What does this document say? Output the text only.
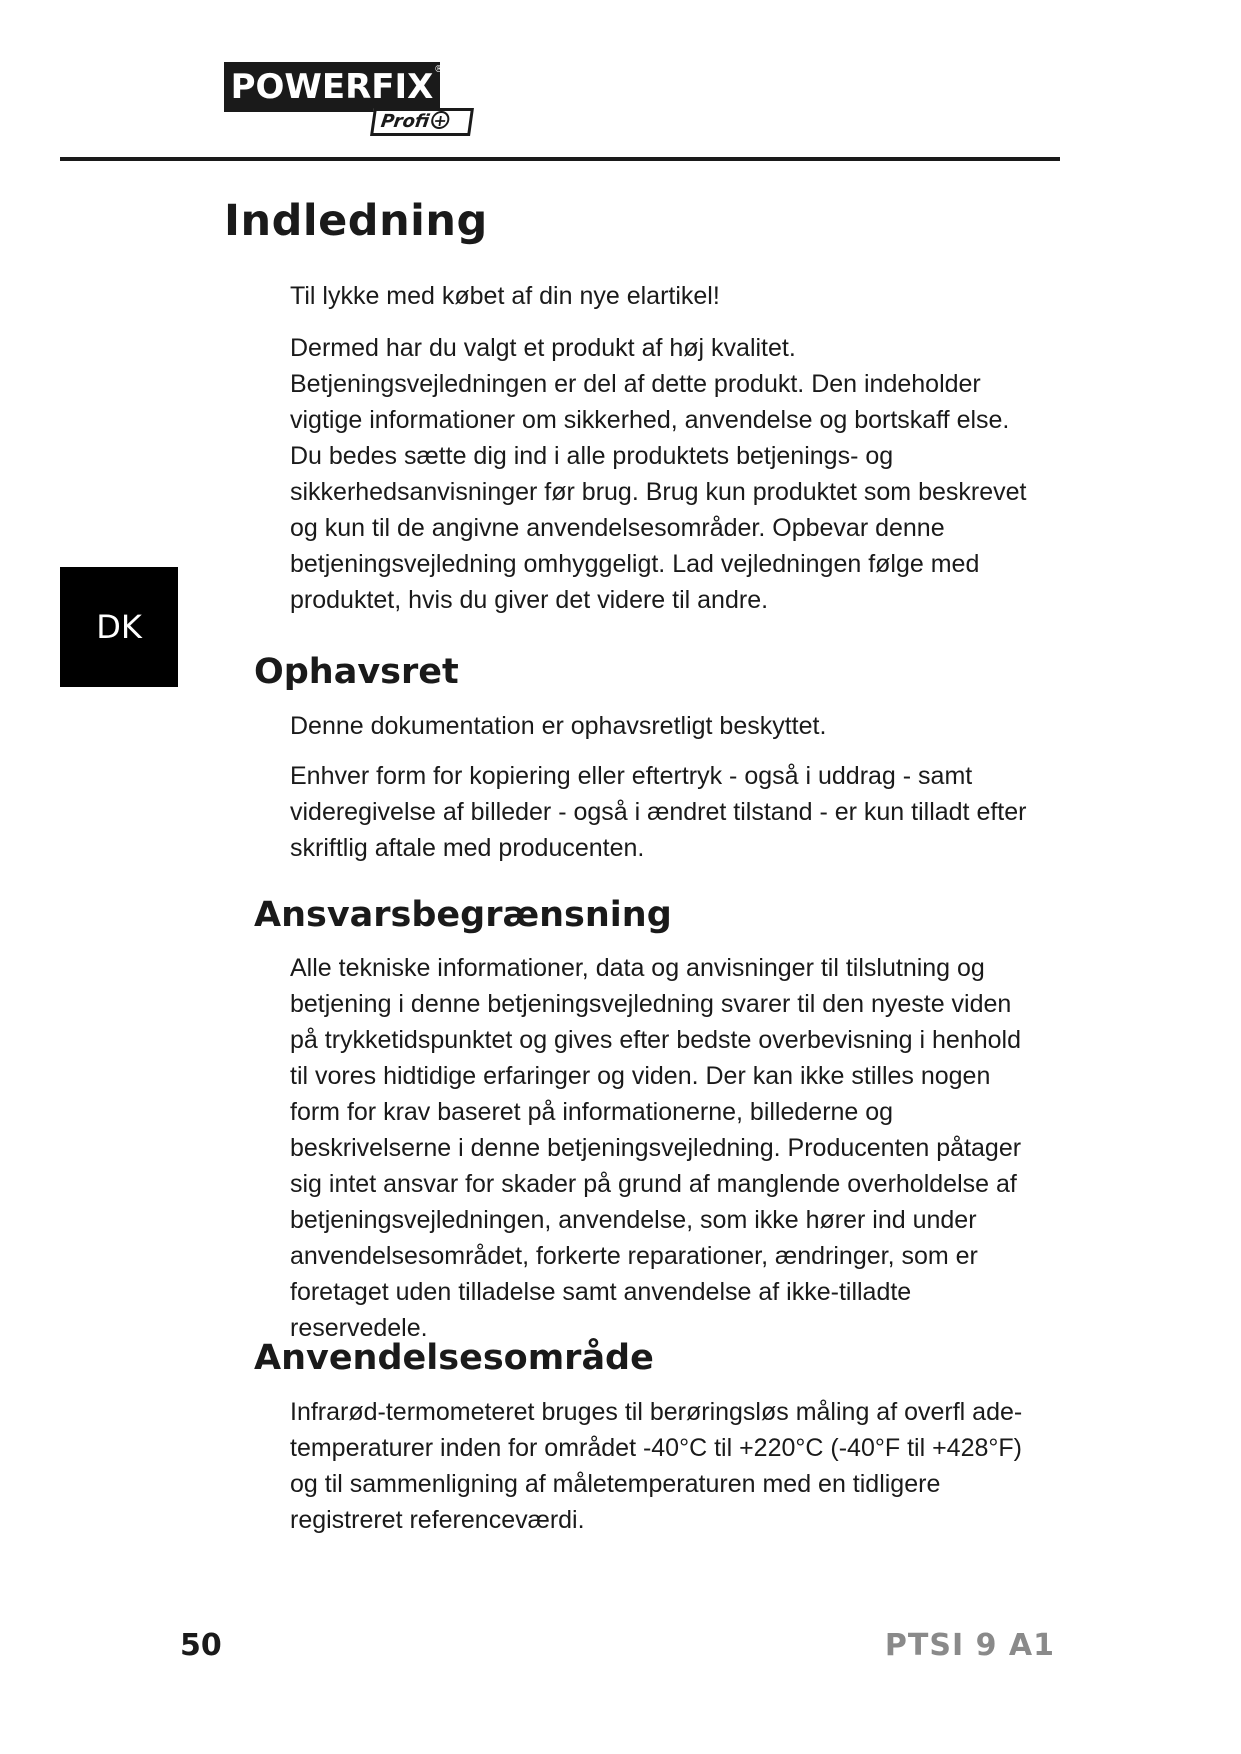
POWERFIX ®
Profi +
DK
Indledning

Til lykke med købet af din nye elartikel!

Dermed har du valgt et produkt af høj kvalitet. Betjeningsvejledningen er del af dette produkt. Den indeholder vigtige informationer om sikkerhed, anvendelse og bortskaff else. Du bedes sætte dig ind i alle produktets betjenings- og sikkerhedsanvisninger før brug. Brug kun produktet som beskrevet og kun til de angivne anvendelsesområder. Opbevar denne betjeningsvejledning omhyggeligt. Lad vejledningen følge med produktet, hvis du giver det videre til andre.

Ophavsret

Denne dokumentation er ophavsretligt beskyttet.

Enhver form for kopiering eller eftertryk - også i uddrag - samt videregivelse af billeder - også i ændret tilstand - er kun tilladt efter skriftlig aftale med producenten.

Ansvarsbegrænsning

Alle tekniske informationer, data og anvisninger til tilslutning og betjening i denne betjeningsvejledning svarer til den nyeste viden på trykketidspunktet og gives efter bedste overbevisning i henhold til vores hidtidige erfaringer og viden. Der kan ikke stilles nogen form for krav baseret på informationerne, billederne og beskrivelserne i denne betjeningsvejledning. Producenten påtager sig intet ansvar for skader på grund af manglende overholdelse af betjeningsvejledningen, anvendelse, som ikke hører ind under anvendelsesområdet, forkerte reparationer, ændringer, som er foretaget uden tilladelse samt anvendelse af ikke-tilladte reservedele.

Anvendelsesområde

Infrarød-termometeret bruges til berøringsløs måling af overfl ade-temperaturer inden for området -40°C til +220°C (-40°F til +428°F) og til sammenligning af måletemperaturen med en tidligere registreret referenceværdi.

50	PTSI 9 A1
